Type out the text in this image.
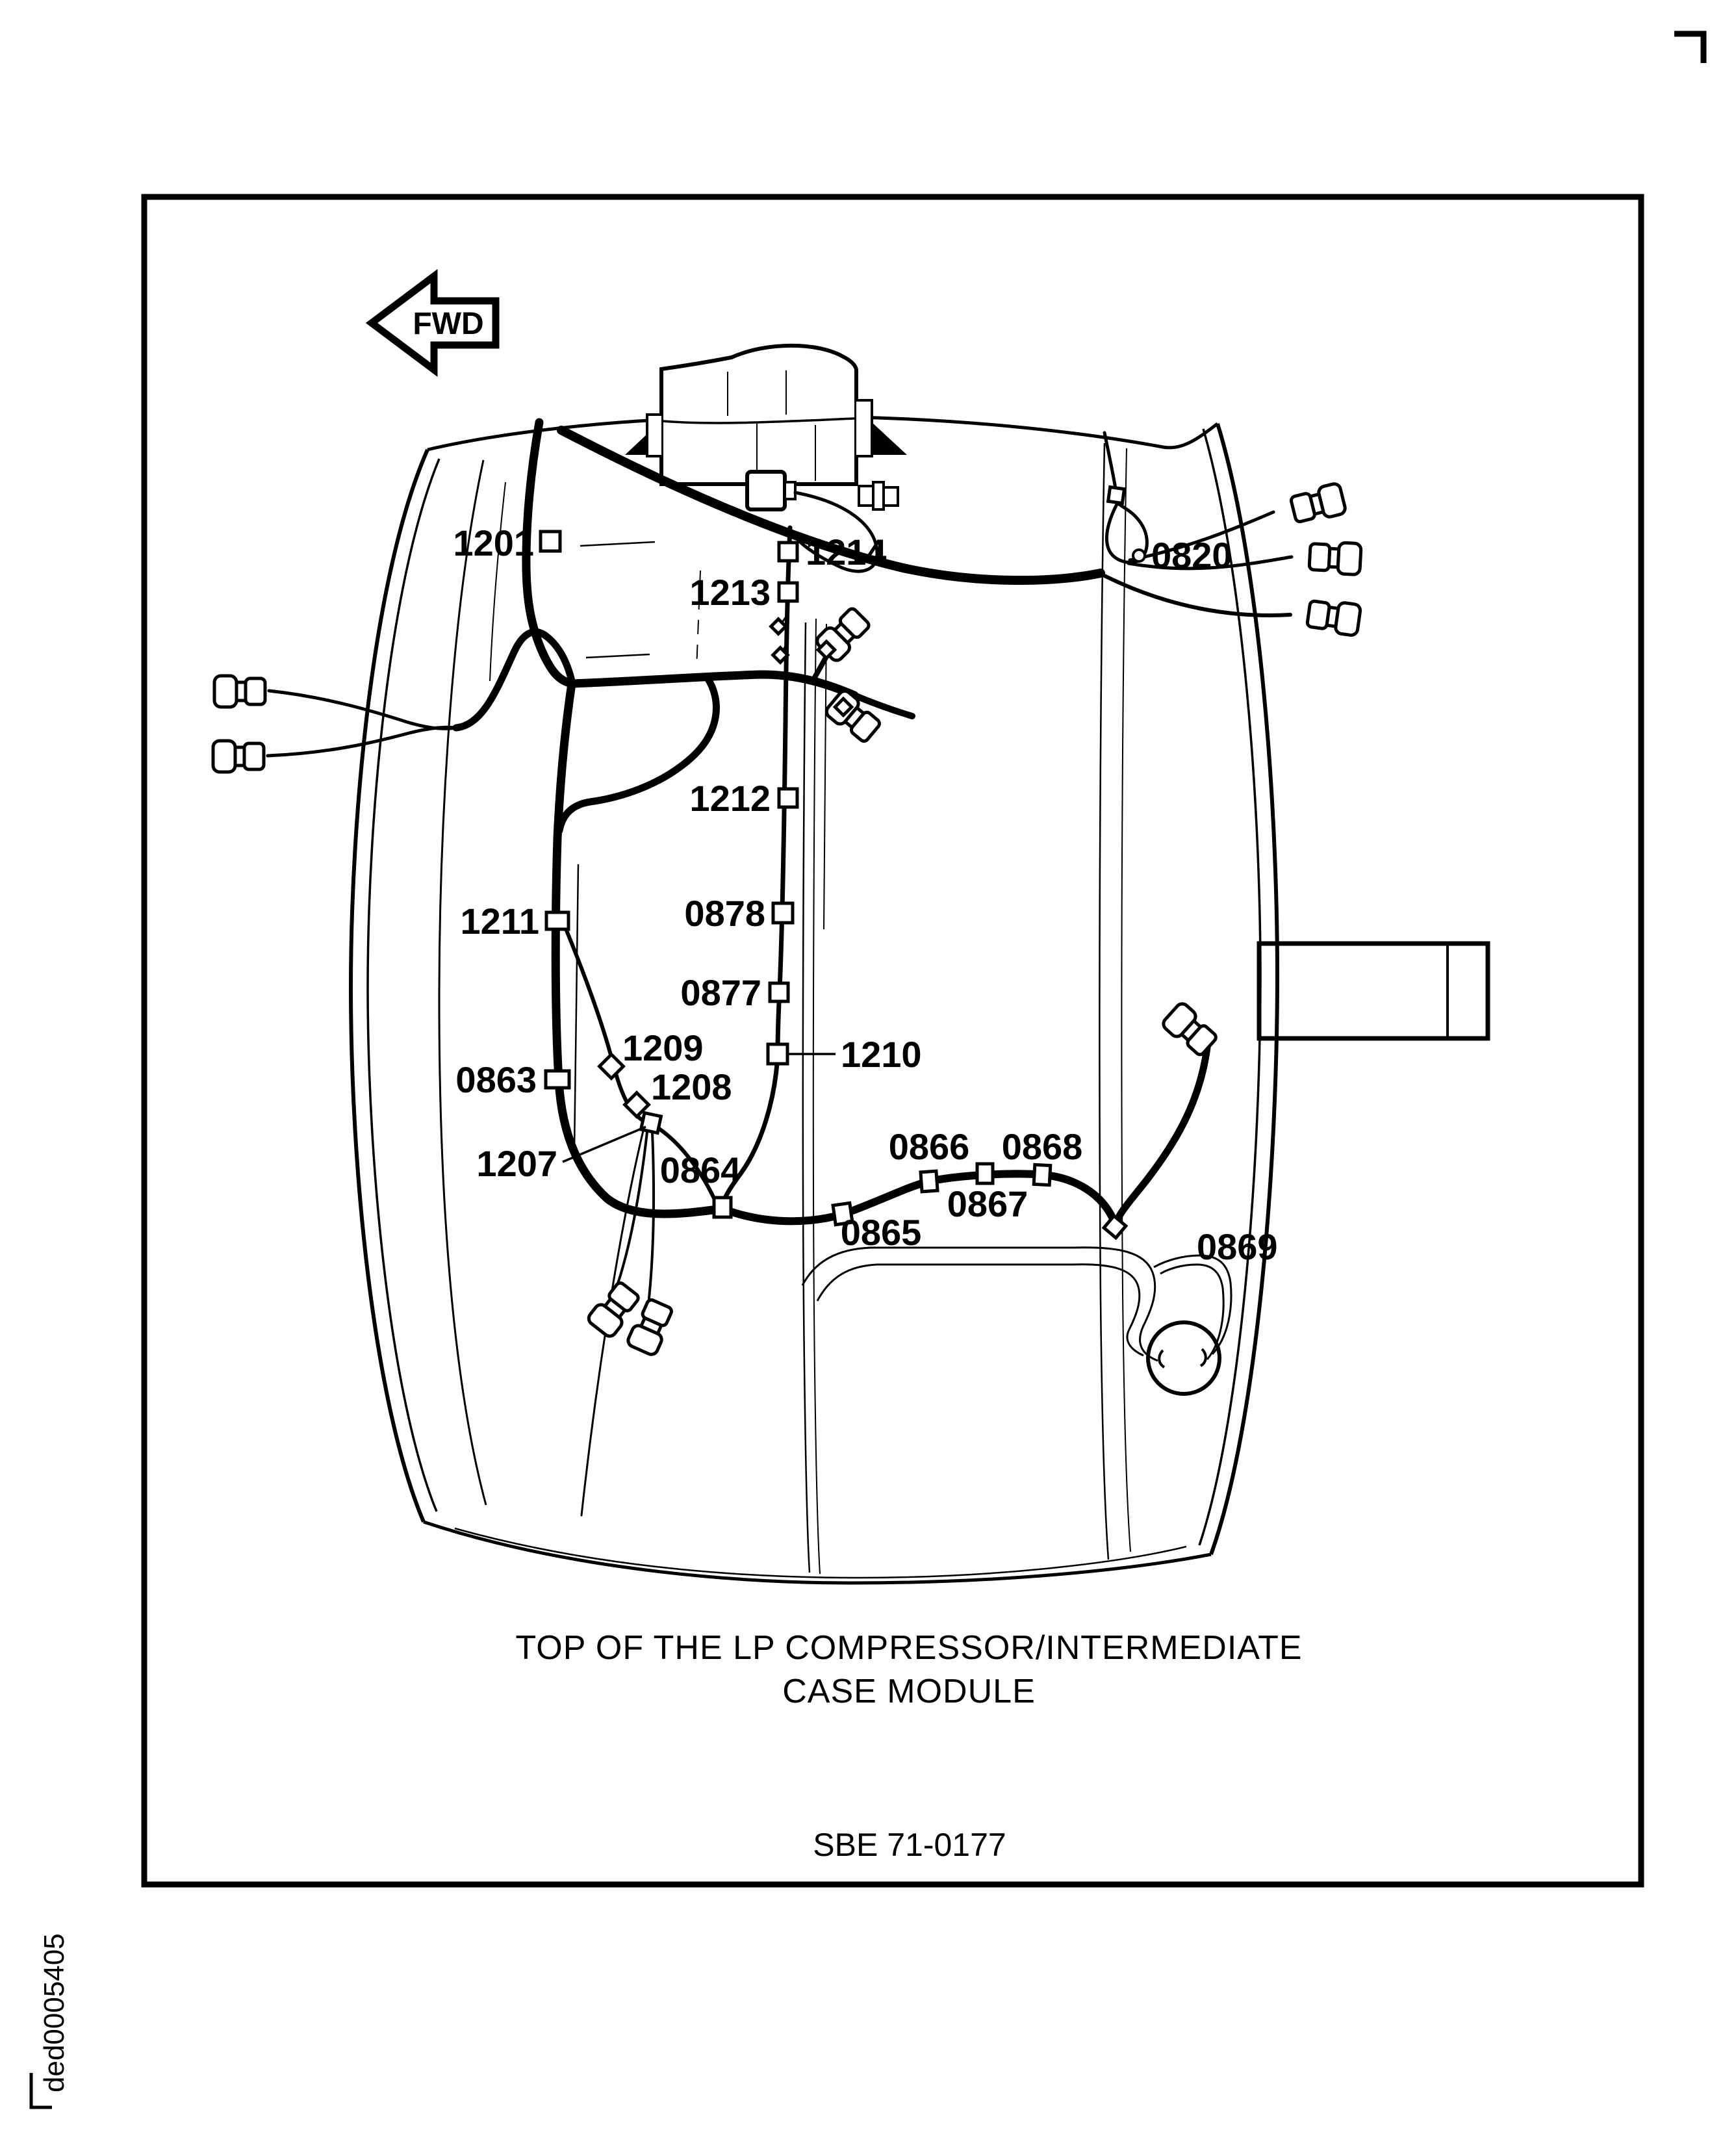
FWD
1201	1214
1213
0820
1212
0878
0877
1211
1210
1209
1208
0863
1207	0864
0865
0866
0867
0868
0869
TOP OF THE LP COMPRESSOR/INTERMEDIATE
CASE MODULE
SBE 71-0177
ded0005405
